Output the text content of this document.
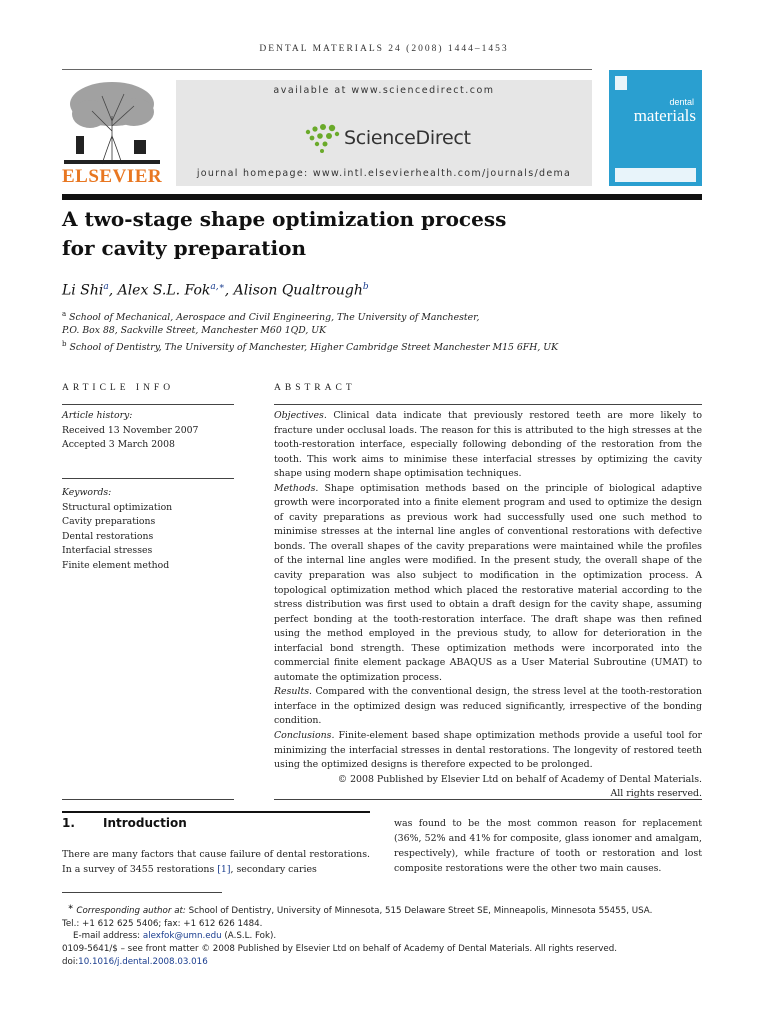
DENTAL MATERIALS 24 (2008) 1444–1453
ELSEVIER
available at www.sciencedirect.com
ScienceDirect
journal homepage: www.intl.elsevierhealth.com/journals/dema
dental
materials
A two-stage shape optimization process
for cavity preparation
Li Shi$^a$, Alex S.L. Fok$^{a,∗}$, Alison Qualtrough$^b$
$^a$ School of Mechanical, Aerospace and Civil Engineering, The University of Manchester,
P.O. Box 88, Sackville Street, Manchester M60 1QD, UK
$^b$ School of Dentistry, The University of Manchester, Higher Cambridge Street Manchester M15 6FH, UK
ARTICLE INFO
Article history:
Received 13 November 2007
Accepted 3 March 2008
Keywords:
Structural optimization
Cavity preparations
Dental restorations
Interfacial stresses
Finite element method
ABSTRACT

Objectives. Clinical data indicate that previously restored teeth are more likely to fracture under occlusal loads. The reason for this is attributed to the high stresses at the tooth-restoration interface, especially following debonding of the restoration from the tooth. This work aims to minimise these interfacial stresses by optimizing the cavity shape using modern shape optimisation techniques.

Methods. Shape optimisation methods based on the principle of biological adaptive growth were incorporated into a finite element program and used to optimize the design of cavity preparations as previous work had successfully used one such method to minimise stresses at the internal line angles of conventional restorations with defective bonds. The overall shapes of the cavity preparations were maintained while the profiles of the internal line angles were modified. In the present study, the overall shape of the cavity preparation was also subject to modification in the optimization process. A topological optimization method which placed the restorative material according to the stress distribution was first used to obtain a draft design for the cavity shape, assuming perfect bonding at the tooth-restoration interface. The draft shape was then refined using the method employed in the previous study, to allow for deterioration in the interfacial bond strength. These optimization methods were incorporated into the commercial finite element package ABAQUS as a User Material Subroutine (UMAT) to automate the optimization process.

Results. Compared with the conventional design, the stress level at the tooth-restoration interface in the optimized design was reduced significantly, irrespective of the bonding condition.

Conclusions. Finite-element based shape optimization methods provide a useful tool for minimizing the interfacial stresses in dental restorations. The longevity of restored teeth using the optimized designs is therefore expected to be prolonged.

© 2008 Published by Elsevier Ltd on behalf of Academy of Dental Materials.

All rights reserved.

1. Introduction
There are many factors that cause failure of dental restorations. In a survey of 3455 restorations [1], secondary caries
was found to be the most common reason for replacement (36%, 52% and 41% for composite, glass ionomer and amalgam, respectively), while fracture of tooth or restoration and lost composite restorations were the other two main causes.
∗ Corresponding author at: School of Dentistry, University of Minnesota, 515 Delaware Street SE, Minneapolis, Minnesota 55455, USA.
Tel.: +1 612 625 5406; fax: +1 612 626 1484.
E-mail address: alexfok@umn.edu (A.S.L. Fok).
0109-5641/$ – see front matter © 2008 Published by Elsevier Ltd on behalf of Academy of Dental Materials. All rights reserved.
doi:10.1016/j.dental.2008.03.016
